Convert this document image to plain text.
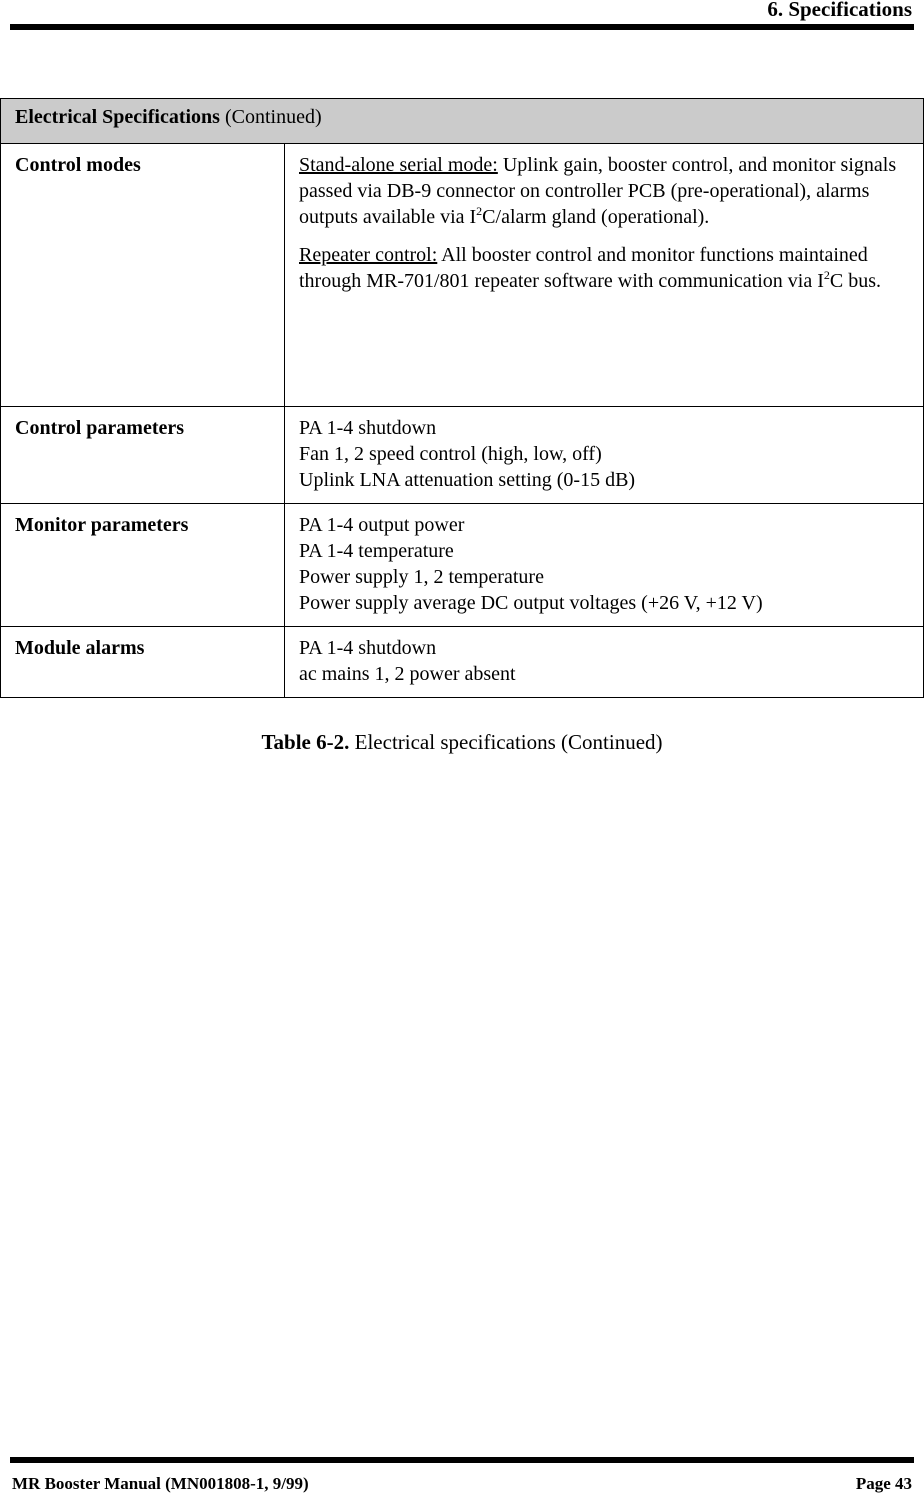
6. Specifications
Electrical Specifications (Continued)	
Control modes	Stand-alone serial mode: Uplink gain, booster control, and monitor signals passed via DB-9 connector on controller PCB (pre-operational), alarms outputs available via $I^2C$/alarm gland (operational).

Repeater control: All booster control and monitor functions maintained through MR-701/801 repeater software with communication via $I^2C$ bus.

Control parameters	PA 1-4 shutdown
Fan 1, 2 speed control (high, low, off)
Uplink LNA attenuation setting (0-15 dB)

Monitor parameters	PA 1-4 output power
PA 1-4 temperature
Power supply 1, 2 temperature
Power supply average DC output voltages (+26 V, +12 V)

Module alarms	PA 1-4 shutdown
ac mains 1, 2 power absent
Table 6-2. Electrical specifications (Continued)
MR Booster Manual (MN001808-1, 9/99)	Page 43
